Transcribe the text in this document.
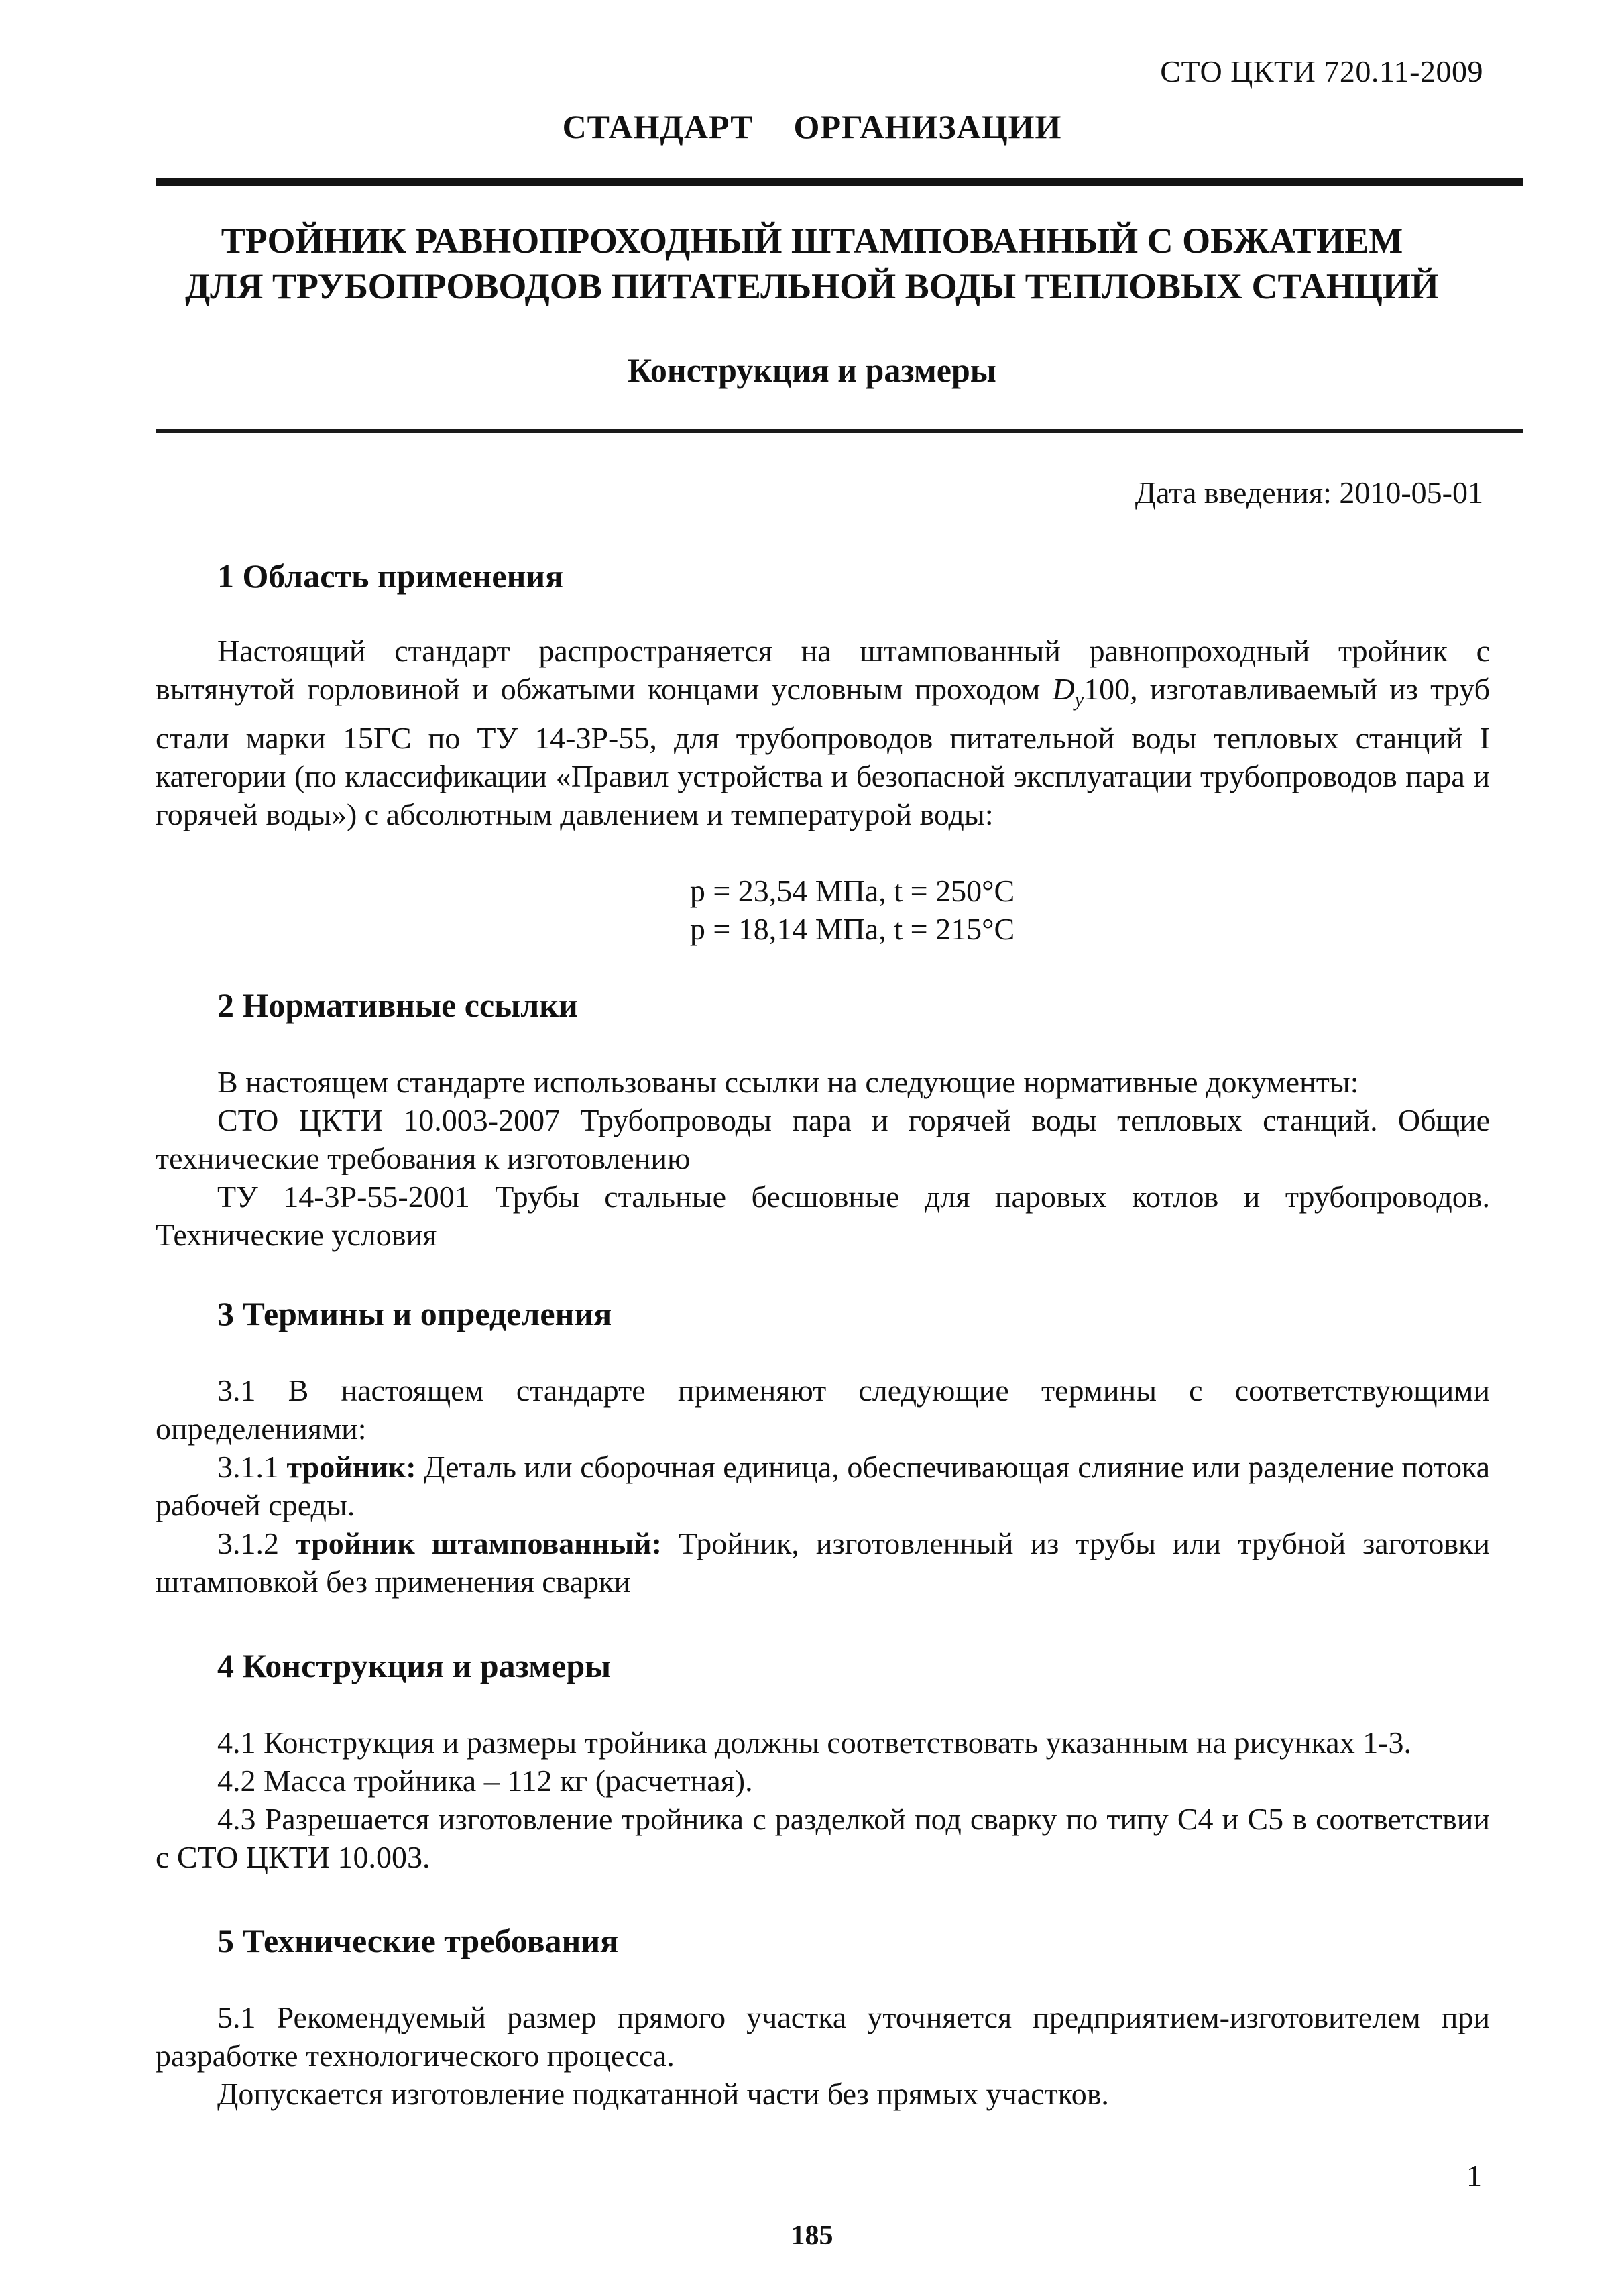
СТО ЦКТИ 720.11-2009
СТАНДАРТ ОРГАНИЗАЦИИ
ТРОЙНИК РАВНОПРОХОДНЫЙ ШТАМПОВАННЫЙ С ОБЖАТИЕМ
ДЛЯ ТРУБОПРОВОДОВ ПИТАТЕЛЬНОЙ ВОДЫ ТЕПЛОВЫХ СТАНЦИЙ
Конструкция и размеры
Дата введения: 2010-05-01
1 Область применения

Настоящий стандарт распространяется на штампованный равнопроходный тройник с вытянутой горловиной и обжатыми концами условным проходом $D_y100$, изготавливаемый из труб стали марки 15ГС по ТУ 14-3Р-55, для трубопроводов питательной воды тепловых станций I категории (по классификации «Правил устройства и безопасной эксплуатации трубопроводов пара и горячей воды») с абсолютным давлением и температурой воды:

p = 23,54 МПа, t = 250°С
p = 18,14 МПа, t = 215°С
2 Нормативные ссылки

В настоящем стандарте использованы ссылки на следующие нормативные документы:

СТО ЦКТИ 10.003-2007 Трубопроводы пара и горячей воды тепловых станций. Общие технические требования к изготовлению

ТУ 14-3Р-55-2001 Трубы стальные бесшовные для паровых котлов и трубопроводов. Технические условия

3 Термины и определения

3.1 В настоящем стандарте применяют следующие термины с соответствующими определениями:

3.1.1 тройник: Деталь или сборочная единица, обеспечивающая слияние или разделение потока рабочей среды.

3.1.2 тройник штампованный: Тройник, изготовленный из трубы или трубной заготовки штамповкой без применения сварки

4 Конструкция и размеры

4.1 Конструкция и размеры тройника должны соответствовать указанным на рисунках 1-3.

4.2 Масса тройника – 112 кг (расчетная).

4.3 Разрешается изготовление тройника с разделкой под сварку по типу С4 и С5 в соответствии с СТО ЦКТИ 10.003.

5 Технические требования

5.1 Рекомендуемый размер прямого участка уточняется предприятием-изготовителем при разработке технологического процесса.

Допускается изготовление подкатанной части без прямых участков.

1
185
